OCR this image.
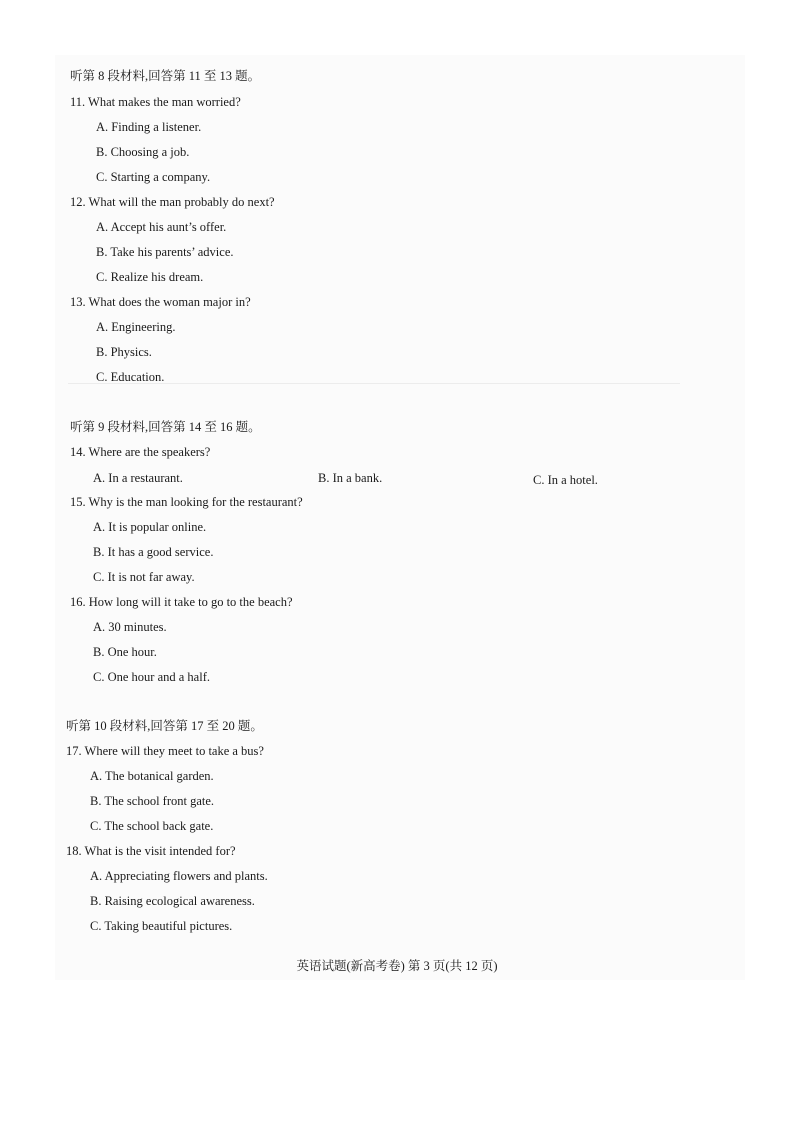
听第 8 段材料,回答第 11 至 13 题。
11. What makes the man worried?
A. Finding a listener.
B. Choosing a job.
C. Starting a company.
12. What will the man probably do next?
A. Accept his aunt’s offer.
B. Take his parents’ advice.
C. Realize his dream.
13. What does the woman major in?
A. Engineering.
B. Physics.
C. Education.
听第 9 段材料,回答第 14 至 16 题。
14. Where are the speakers?
A. In a restaurant.	B. In a bank.	C. In a hotel.
15. Why is the man looking for the restaurant?
A. It is popular online.
B. It has a good service.
C. It is not far away.
16. How long will it take to go to the beach?
A. 30 minutes.
B. One hour.
C. One hour and a half.
听第 10 段材料,回答第 17 至 20 题。
17. Where will they meet to take a bus?
A. The botanical garden.
B. The school front gate.
C. The school back gate.
18. What is the visit intended for?
A. Appreciating flowers and plants.
B. Raising ecological awareness.
C. Taking beautiful pictures.
英语试题(新高考卷) 第 3 页(共 12 页)
